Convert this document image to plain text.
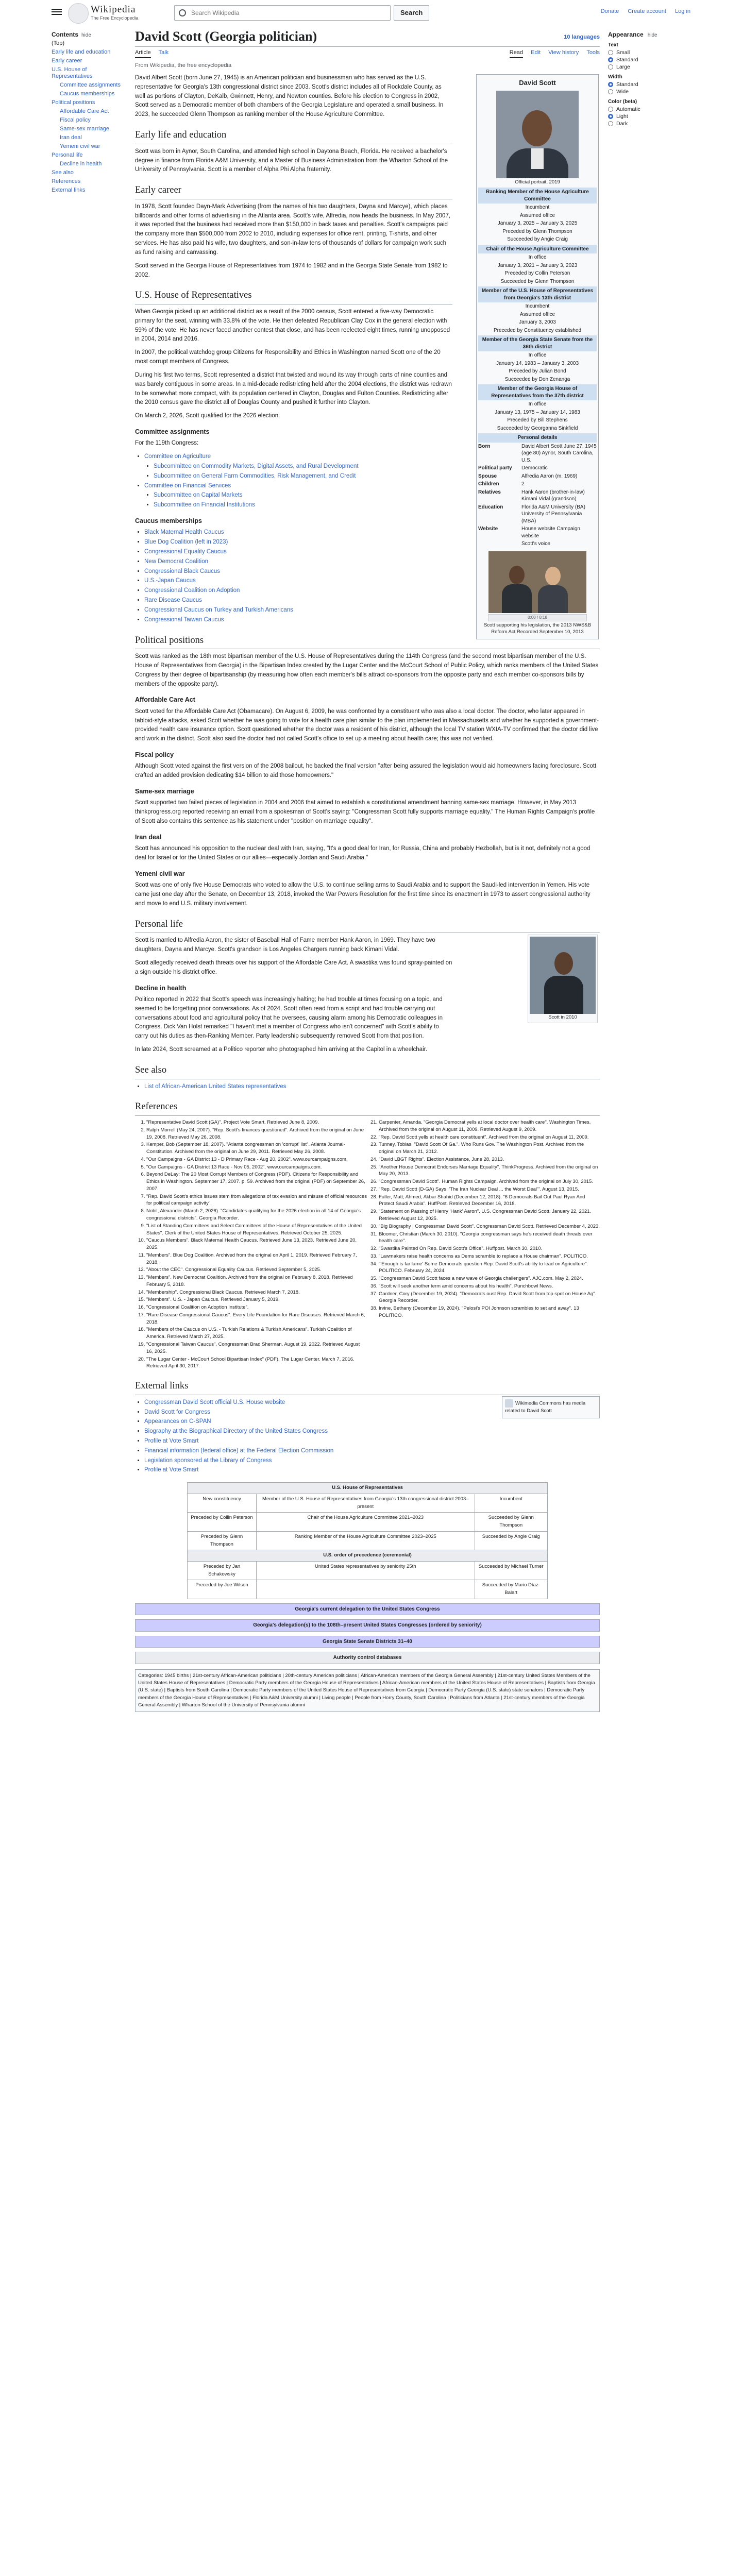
Wikipedia
The Free Encyclopedia
Search Wikipedia
Search	Donate Create account Log in
Contents hide
(Top)
Early life and education
Early career
U.S. House of Representatives
Committee assignments
Caucus memberships
Political positions
Affordable Care Act
Fiscal policy
Same-sex marriage
Iran deal
Yemeni civil war
Personal life
Decline in health
See also
References
External links
Appearance hide
Text
Small
Standard
Large
Width
Standard
Wide
Color (beta)
Automatic
Light
Dark
David Scott (Georgia politician)	10 languages
Article Talk	Read Edit View history Tools
From Wikipedia, the free encyclopedia

David Albert Scott (born June 27, 1945) is an American politician and businessman who has served as the U.S. representative for Georgia's 13th congressional district since 2003. Scott's district includes all of Rockdale County, as well as portions of Clayton, DeKalb, Gwinnett, Henry, and Newton counties. Before his election to Congress in 2002, Scott served as a Democratic member of both chambers of the Georgia Legislature and operated a small business. In 2023, he succeeded Glenn Thompson as ranking member of the House Agriculture Committee.

Early life and education

Scott was born in Aynor, South Carolina, and attended high school in Daytona Beach, Florida. He received a bachelor's degree in finance from Florida A&M University, and a Master of Business Administration from the Wharton School of the University of Pennsylvania. Scott is a member of Alpha Phi Alpha fraternity.

Early career

In 1978, Scott founded Dayn-Mark Advertising (from the names of his two daughters, Dayna and Marcye), which places billboards and other forms of advertising in the Atlanta area. Scott's wife, Alfredia, now heads the business. In May 2007, it was reported that the business had received more than $150,000 in back taxes and penalties. Scott's campaigns paid the company more than $500,000 from 2002 to 2010, including expenses for office rent, printing, T-shirts, and other services. He has also paid his wife, two daughters, and son-in-law tens of thousands of dollars for campaign work such as fund raising and canvassing.

Scott served in the Georgia House of Representatives from 1974 to 1982 and in the Georgia State Senate from 1982 to 2002.

U.S. House of Representatives

When Georgia picked up an additional district as a result of the 2000 census, Scott entered a five-way Democratic primary for the seat, winning with 33.8% of the vote. He then defeated Republican Clay Cox in the general election with 59% of the vote. He has never faced another contest that close, and has been reelected eight times, running unopposed in 2004, 2014 and 2016.

In 2007, the political watchdog group Citizens for Responsibility and Ethics in Washington named Scott one of the 20 most corrupt members of Congress.

During his first two terms, Scott represented a district that twisted and wound its way through parts of nine counties and was barely contiguous in some areas. In a mid-decade redistricting held after the 2004 elections, the district was redrawn to be somewhat more compact, with its population centered in Clayton, Douglas and Fulton Counties. Redistricting after the 2010 census gave the district all of Douglas County and pushed it further into Clayton.

On March 2, 2026, Scott qualified for the 2026 election.

Committee assignments

For the 119th Congress:

• Committee on Agriculture
• Subcommittee on Commodity Markets, Digital Assets, and Rural Development
• Subcommittee on General Farm Commodities, Risk Management, and Credit
• Committee on Financial Services
• Subcommittee on Capital Markets
• Subcommittee on Financial Institutions
Caucus memberships
• Black Maternal Health Caucus
• Blue Dog Coalition (left in 2023)
• Congressional Equality Caucus
• New Democrat Coalition
• Congressional Black Caucus
• U.S.-Japan Caucus
• Congressional Coalition on Adoption
• Rare Disease Caucus
• Congressional Caucus on Turkey and Turkish Americans
• Congressional Taiwan Caucus
Political positions

Scott was ranked as the 18th most bipartisan member of the U.S. House of Representatives during the 114th Congress (and the second most bipartisan member of the U.S. House of Representatives from Georgia) in the Bipartisan Index created by the Lugar Center and the McCourt School of Public Policy, which ranks members of the United States Congress by their degree of bipartisanship (by measuring how often each member's bills attract co-sponsors from the opposite party and each member co-sponsors bills by members of the opposite party).

Affordable Care Act

Scott voted for the Affordable Care Act (Obamacare). On August 6, 2009, he was confronted by a constituent who was also a local doctor. The doctor, who later appeared in tabloid-style attacks, asked Scott whether he was going to vote for a health care plan similar to the plan implemented in Massachusetts and whether he supported a government-provided health care insurance option. Scott questioned whether the doctor was a resident of his district, although the local TV station WXIA-TV confirmed that the doctor did live and work in the district. Scott also said the doctor had not called Scott's office to set up a meeting about health care; this was not verified.

Fiscal policy

Although Scott voted against the first version of the 2008 bailout, he backed the final version "after being assured the legislation would aid homeowners facing foreclosure. Scott crafted an added provision dedicating $14 billion to aid those homeowners."

Same-sex marriage

Scott supported two failed pieces of legislation in 2004 and 2006 that aimed to establish a constitutional amendment banning same-sex marriage. However, in May 2013 thinkprogress.org reported receiving an email from a spokesman of Scott's saying: "Congressman Scott fully supports marriage equality." The Human Rights Campaign's profile of Scott also contains this sentence as his statement under "position on marriage equality".

Iran deal

Scott has announced his opposition to the nuclear deal with Iran, saying, "It's a good deal for Iran, for Russia, China and probably Hezbollah, but is it not, definitely not a good deal for Israel or for the United States or our allies—especially Jordan and Saudi Arabia."

Yemeni civil war

Scott was one of only five House Democrats who voted to allow the U.S. to continue selling arms to Saudi Arabia and to support the Saudi-led intervention in Yemen. His vote came just one day after the Senate, on December 13, 2018, invoked the War Powers Resolution for the first time since its enactment in 1973 to assert congressional authority and move to end U.S. military involvement.

Personal life
Scott in 2010

Scott is married to Alfredia Aaron, the sister of Baseball Hall of Fame member Hank Aaron, in 1969. They have two daughters, Dayna and Marcye. Scott's grandson is Los Angeles Chargers running back Kimani Vidal.

Scott allegedly received death threats over his support of the Affordable Care Act. A swastika was found spray-painted on a sign outside his district office.

Decline in health

Politico reported in 2022 that Scott's speech was increasingly halting; he had trouble at times focusing on a topic, and seemed to be forgetting prior conversations. As of 2024, Scott often read from a script and had trouble carrying out conversations about food and agricultural policy that he oversees, causing alarm among his Democratic colleagues in Congress. Dick Van Holst remarked "I haven't met a member of Congress who isn't concerned" with Scott's ability to carry out his duties as then-Ranking Member. Party leadership subsequently removed Scott from that position.

In late 2024, Scott screamed at a Politico reporter who photographed him arriving at the Capitol in a wheelchair.

See also
• List of African-American United States representatives
References
1. "Representative David Scott (GA)". Project Vote Smart. Retrieved June 8, 2009.
2. Ralph Morrell (May 24, 2007). "Rep. Scott's finances questioned". Archived from the original on June 19, 2008. Retrieved May 26, 2008.
3. Kemper, Bob (September 18, 2007). "Atlanta congressman on 'corrupt' list". Atlanta Journal-Constitution. Archived from the original on June 29, 2011. Retrieved May 26, 2008.
4. "Our Campaigns - GA District 13 - D Primary Race - Aug 20, 2002". www.ourcampaigns.com.
5. "Our Campaigns - GA District 13 Race - Nov 05, 2002". www.ourcampaigns.com.
6. Beyond DeLay: The 20 Most Corrupt Members of Congress (PDF). Citizens for Responsibility and Ethics in Washington. September 17, 2007. p. 59. Archived from the original (PDF) on September 26, 2007.
7. "Rep. David Scott's ethics issues stem from allegations of tax evasion and misuse of official resources for political campaign activity".
8. Nobil, Alexander (March 2, 2026). "Candidates qualifying for the 2026 election in all 14 of Georgia's congressional districts". Georgia Recorder.
9. "List of Standing Committees and Select Committees of the House of Representatives of the United States". Clerk of the United States House of Representatives. Retrieved October 25, 2025.
10. "Caucus Members". Black Maternal Health Caucus. Retrieved June 13, 2023. Retrieved June 20, 2025.
11. "Members". Blue Dog Coalition. Archived from the original on April 1, 2019. Retrieved February 7, 2018.
12. "About the CEC". Congressional Equality Caucus. Retrieved September 5, 2025.
13. "Members". New Democrat Coalition. Archived from the original on February 8, 2018. Retrieved February 5, 2018.
14. "Membership". Congressional Black Caucus. Retrieved March 7, 2018.
15. "Members". U.S. - Japan Caucus. Retrieved January 5, 2019.
16. "Congressional Coalition on Adoption Institute".
17. "Rare Disease Congressional Caucus". Every Life Foundation for Rare Diseases. Retrieved March 6, 2018.
18. "Members of the Caucus on U.S. - Turkish Relations & Turkish Americans". Turkish Coalition of America. Retrieved March 27, 2025.
19. "Congressional Taiwan Caucus". Congressman Brad Sherman. August 19, 2022. Retrieved August 16, 2025.
20. "The Lugar Center - McCourt School Bipartisan Index" (PDF). The Lugar Center. March 7, 2016. Retrieved April 30, 2017.
21. Carpenter, Amanda. "Georgia Democrat yells at local doctor over health care". Washington Times. Archived from the original on August 11, 2009. Retrieved August 9, 2009.
22. "Rep. David Scott yells at health care constituent". Archived from the original on August 11, 2009.
23. Tunney, Tobias. "David Scott Of Ga.". Who Runs Gov. The Washington Post. Archived from the original on March 21, 2012.
24. "David LBGT Rights". Election Assistance, June 28, 2013.
25. "Another House Democrat Endorses Marriage Equality". ThinkProgress. Archived from the original on May 20, 2013.
26. "Congressman David Scott". Human Rights Campaign. Archived from the original on July 30, 2015.
27. "Rep. David Scott (D-GA) Says: 'The Iran Nuclear Deal ... the Worst Deal'". August 13, 2015.
28. Fuller, Matt; Ahmed, Akbar Shahid (December 12, 2018). "6 Democrats Bail Out Paul Ryan And Protect Saudi Arabia". HuffPost. Retrieved December 16, 2018.
29. "Statement on Passing of Henry 'Hank' Aaron". U.S. Congressman David Scott. January 22, 2021. Retrieved August 12, 2025.
30. "Big Biography | Congressman David Scott". Congressman David Scott. Retrieved December 4, 2023.
31. Bloomer, Christian (March 30, 2010). "Georgia congressman says he's received death threats over health care".
32. "Swastika Painted On Rep. David Scott's Office". Huffpost. March 30, 2010.
33. "Lawmakers raise health concerns as Dems scramble to replace a House chairman". POLITICO.
34. "'Enough is far lame' Some Democrats question Rep. David Scott's ability to lead on Agriculture". POLITICO. February 24, 2024.
35. "Congressman David Scott faces a new wave of Georgia challengers". AJC.com. May 2, 2024.
36. "Scott will seek another term amid concerns about his health". Punchbowl News.
37. Gardner, Cory (December 19, 2024). "Democrats oust Rep. David Scott from top spot on House Ag". Georgia Recorder.
38. Irvine, Bethany (December 19, 2024). "Pelosi's POI Johnson scrambles to set and away". 13 POLITICO.
External links
Wikimedia Commons has media related to David Scott
• Congressman David Scott official U.S. House website
• David Scott for Congress
• Appearances on C-SPAN
• Biography at the Biographical Directory of the United States Congress
• Profile at Vote Smart
• Financial information (federal office) at the Federal Election Commission
• Legislation sponsored at the Library of Congress
• Profile at Vote Smart
U.S. House of Representatives		
New constituency	Member of the U.S. House of Representatives from Georgia's 13th congressional district 2003–present	Incumbent
Preceded by Collin Peterson	Chair of the House Agriculture Committee 2021–2023	Succeeded by Glenn Thompson
Preceded by Glenn Thompson	Ranking Member of the House Agriculture Committee 2023–2025	Succeeded by Angie Craig
U.S. order of precedence (ceremonial)		
Preceded by Jan Schakowsky	United States representatives by seniority 25th	Succeeded by Michael Turner
Preceded by Joe Wilson		Succeeded by Mario Díaz-Balart
Georgia's current delegation to the United States Congress
Georgia's delegation(s) to the 108th–present United States Congresses (ordered by seniority)
Georgia State Senate Districts 31–40
Authority control databases
Categories: 1945 births | 21st-century African-American politicians | 20th-century American politicians | African-American members of the Georgia General Assembly | 21st-century United States Members of the United States House of Representatives | Democratic Party members of the Georgia House of Representatives | African-American members of the United States House of Representatives | Baptists from Georgia (U.S. state) | Baptists from South Carolina | Democratic Party members of the United States House of Representatives from Georgia | Democratic Party Georgia (U.S. state) state senators | Democratic Party members of the Georgia House of Representatives | Florida A&M University alumni | Living people | People from Horry County, South Carolina | Politicians from Atlanta | 21st-century members of the Georgia General Assembly | Wharton School of the University of Pennsylvania alumni
David Scott
Official portrait, 2019
Ranking Member of the House Agriculture Committee
Incumbent
Assumed office
January 3, 2025 – January 3, 2025
Preceded by Glenn Thompson
Succeeded by Angie Craig
Chair of the House Agriculture Committee
In office
January 3, 2021 – January 3, 2023
Preceded by Collin Peterson
Succeeded by Glenn Thompson
Member of the U.S. House of Representatives from Georgia's 13th district
Incumbent
Assumed office
January 3, 2003
Preceded by Constituency established
Member of the Georgia State Senate from the 36th district
In office
January 14, 1983 – January 3, 2003
Preceded by Julian Bond
Succeeded by Don Zenanga
Member of the Georgia House of Representatives from the 37th district
In office
January 13, 1975 – January 14, 1983
Preceded by Bill Stephens
Succeeded by Georganna Sinkfield
Personal details
Born	David Albert Scott June 27, 1945 (age 80) Aynor, South Carolina, U.S.
Political party	Democratic
Spouse	Alfredia Aaron (m. 1969)
Children	2
Relatives	Hank Aaron (brother-in-law) Kimani Vidal (grandson)
Education	Florida A&M University (BA) University of Pennsylvania (MBA)
Website	House website Campaign website
Scott's voice
0:00 / 0:18
Scott supporting his legislation, the 2013 NWS&B Reform Act Recorded September 10, 2013
